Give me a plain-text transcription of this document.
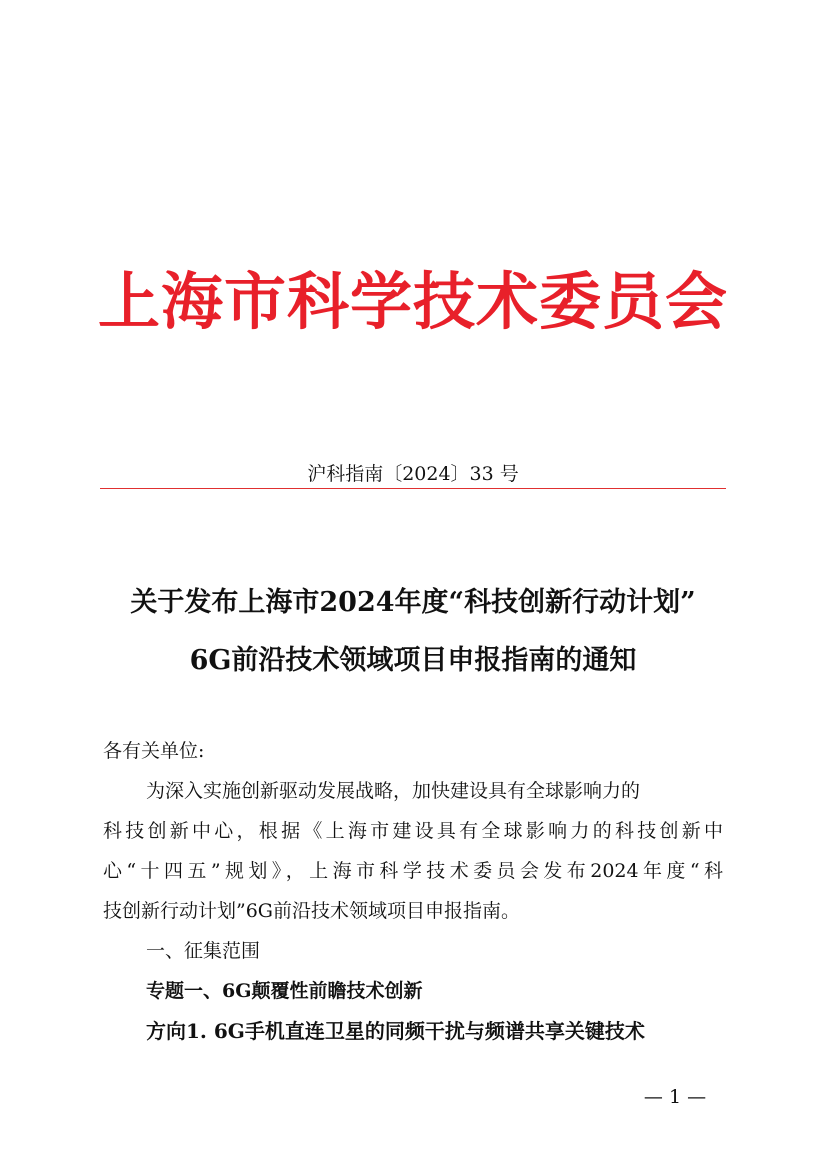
上海市科学技术委员会
沪科指南〔2024〕33 号
关于发布上海市2024年度“科技创新行动计划”
6G前沿技术领域项目申报指南的通知
各有关单位:
为深入实施创新驱动发展战略，加快建设具有全球影响力的
科技创新中心，根据《上海市建设具有全球影响力的科技创新中
心“十四五”规划》，上海市科学技术委员会发布2024年度“科
技创新行动计划”6G前沿技术领域项目申报指南。
一、征集范围
专题一、6G颠覆性前瞻技术创新
方向1. 6G手机直连卫星的同频干扰与频谱共享关键技术
— 1 —
